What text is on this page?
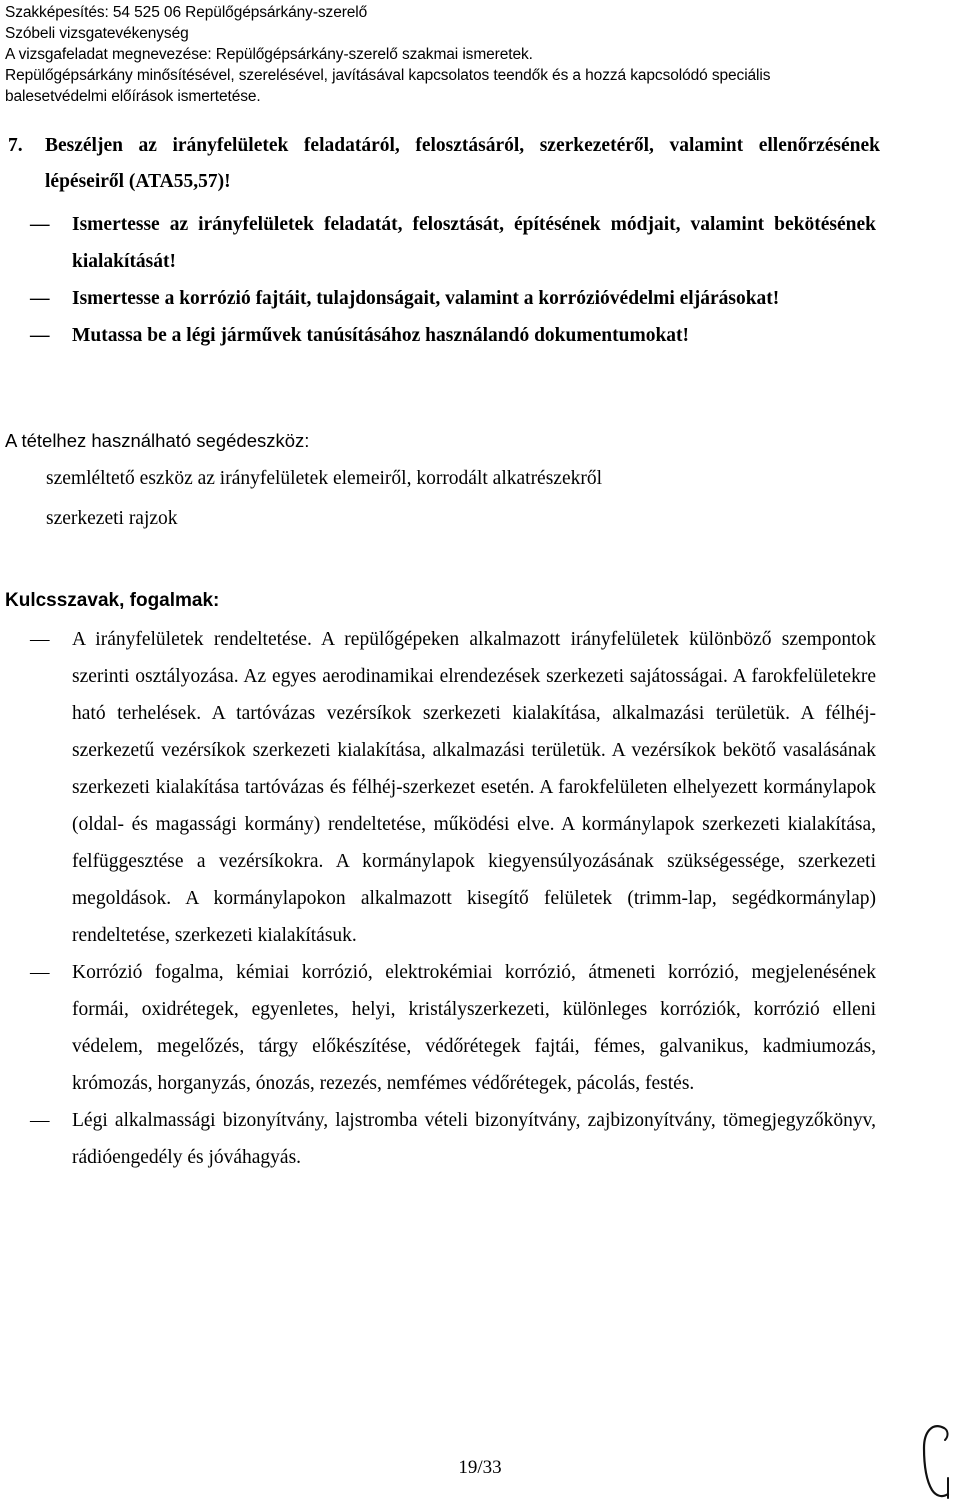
Szakképesítés: 54 525 06 Repülőgépsárkány-szerelő

Szóbeli vizsgatevékenység

A vizsgafeladat megnevezése: Repülőgépsárkány-szerelő szakmai ismeretek.

Repülőgépsárkány minősítésével, szerelésével, javításával kapcsolatos teendők és a hozzá kapcsolódó speciális

balesetvédelmi előírások ismertetése.

7. Beszéljen az irányfelületek feladatáról, felosztásáról, szerkezetéről, valamint ellenőrzésének lépéseiről (ATA55,57)!

—	Ismertesse az irányfelületek feladatát, felosztását, építésének módjait, valamint bekötésének kialakítását!

—	Ismertesse a korrózió fajtáit, tulajdonságait, valamint a korrózióvédelmi eljárásokat!

—	Mutassa be a légi járművek tanúsításához használandó dokumentumokat!

A tételhez használható segédeszköz:
szemléltető eszköz az irányfelületek elemeiről, korrodált alkatrészekről
szerkezeti rajzok
Kulcsszavak, fogalmak:

—	A irányfelületek rendeltetése. A repülőgépeken alkalmazott irányfelületek különböző szempontok szerinti osztályozása. Az egyes aerodinamikai elrendezések szerkezeti sajátosságai. A farokfelületekre ható terhelések. A tartóvázas vezérsíkok szerkezeti kialakítása, alkalmazási területük. A félhéj-szerkezetű vezérsíkok szerkezeti kialakítása, alkalmazási területük. A vezérsíkok bekötő vasalásának szerkezeti kialakítása tartóvázas és félhéj-szerkezet esetén. A farokfelületen elhelyezett kormánylapok (oldal- és magassági kormány) rendeltetése, működési elve. A kormánylapok szerkezeti kialakítása, felfüggesztése a vezérsíkokra. A kormánylapok kiegyensúlyozásának szükségessége, szerkezeti megoldások. A kormánylapokon alkalmazott kisegítő felületek (trimm-lap, segédkormánylap) rendeltetése, szerkezeti kialakításuk.

—	Korrózió fogalma, kémiai korrózió, elektrokémiai korrózió, átmeneti korrózió, megjelenésének formái, oxidrétegek, egyenletes, helyi, kristályszerkezeti, különleges korróziók, korrózió elleni védelem, megelőzés, tárgy előkészítése, védőrétegek fajtái, fémes, galvanikus, kadmiumozás, krómozás, horganyzás, ónozás, rezezés, nemfémes védőrétegek, pácolás, festés.

—	Légi alkalmassági bizonyítvány, lajstromba vételi bizonyítvány, zajbizonyítvány, tömegjegyzőkönyv, rádióengedély és jóváhagyás.

19/33
